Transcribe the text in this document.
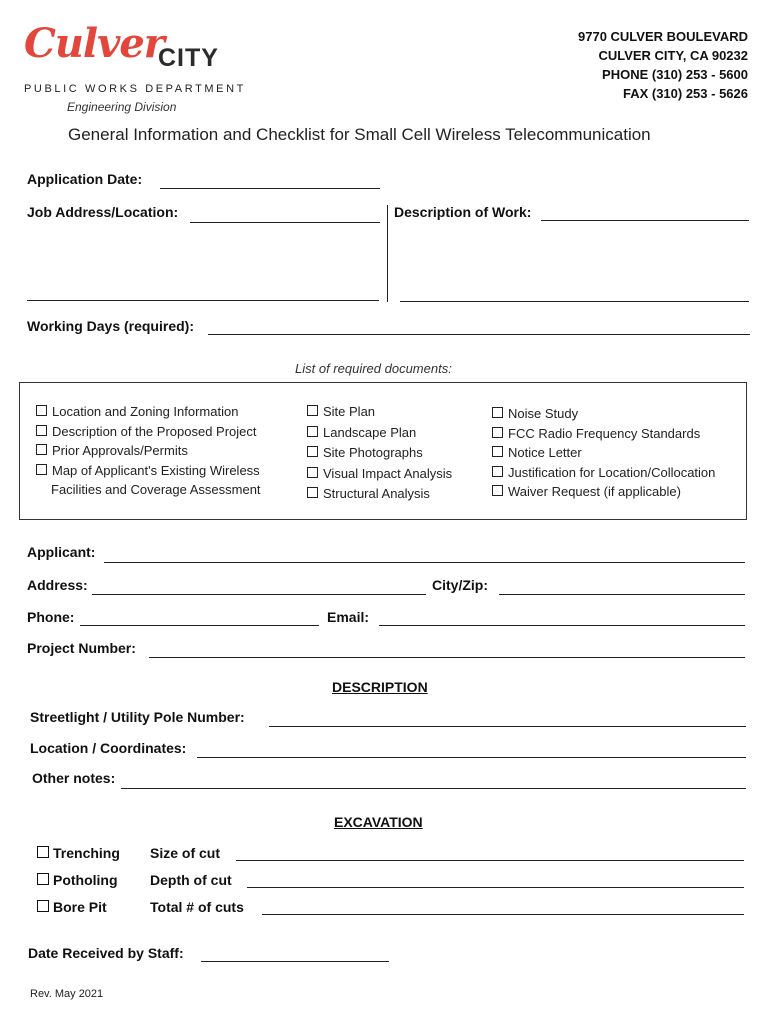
Culver
CITY
PUBLIC WORKS DEPARTMENT
Engineering Division
9770 CULVER BOULEVARD
CULVER CITY, CA 90232
PHONE (310) 253 - 5600
FAX (310) 253 - 5626
General Information and Checklist for Small Cell Wireless Telecommunication
Application Date:
Job Address/Location:	Description of Work:
Working Days (required):
List of required documents:
Location and Zoning Information
Description of the Proposed Project
Prior Approvals/Permits
Map of Applicant's Existing Wireless
Facilities and Coverage Assessment
Site Plan
Landscape Plan
Site Photographs
Visual Impact Analysis
Structural Analysis
Noise Study
FCC Radio Frequency Standards
Notice Letter
Justification for Location/Collocation
Waiver Request (if applicable)
Applicant:
Address:	City/Zip:
Phone:	Email:
Project Number:
DESCRIPTION
Streetlight / Utility Pole Number:
Location / Coordinates:
Other notes:
EXCAVATION
Trenching Size of cut
Potholing Depth of cut
Bore Pit	Total # of cuts
Date Received by Staff:
Rev. May 2021
